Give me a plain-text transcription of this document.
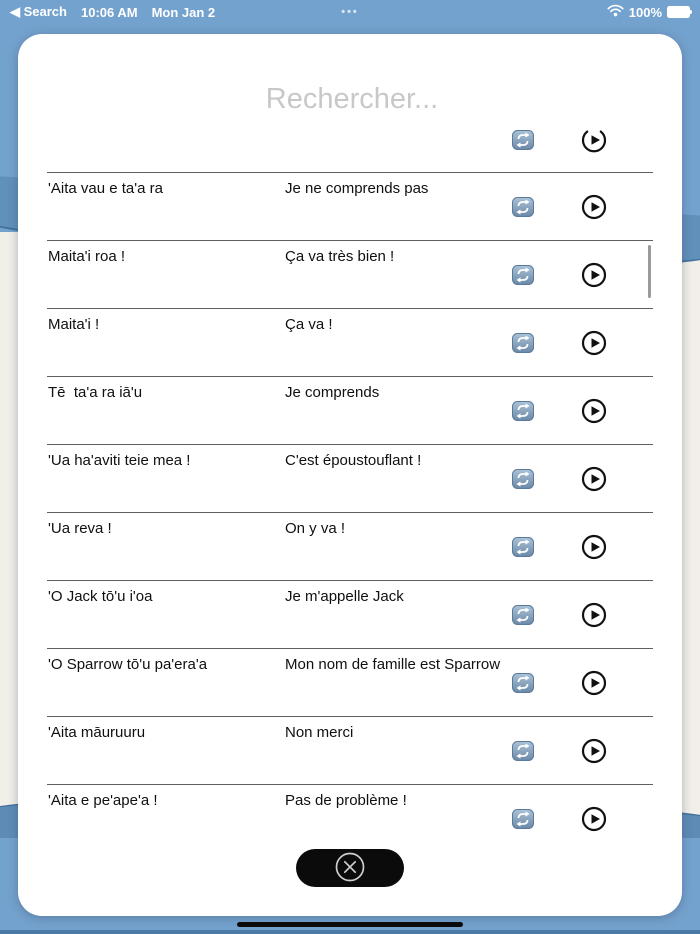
◀ Search 10:06 AM Mon Jan 2	•••	100%
Rechercher...
'Aita vau e ta'a ra	Je ne comprends pas
Maita'i roa !	Ça va très bien !
Maita'i !	Ça va !
Tē  ta'a ra iā'u	Je comprends
'Ua ha'aviti teie mea !	C'est époustouflant !
'Ua reva !	On y va !
'O Jack tō'u i'oa	Je m'appelle Jack
'O Sparrow tō'u pa'era'a	Mon nom de famille est Sparrow
'Aita māuruuru	Non merci
'Aita e pe'ape'a !	Pas de problème !
